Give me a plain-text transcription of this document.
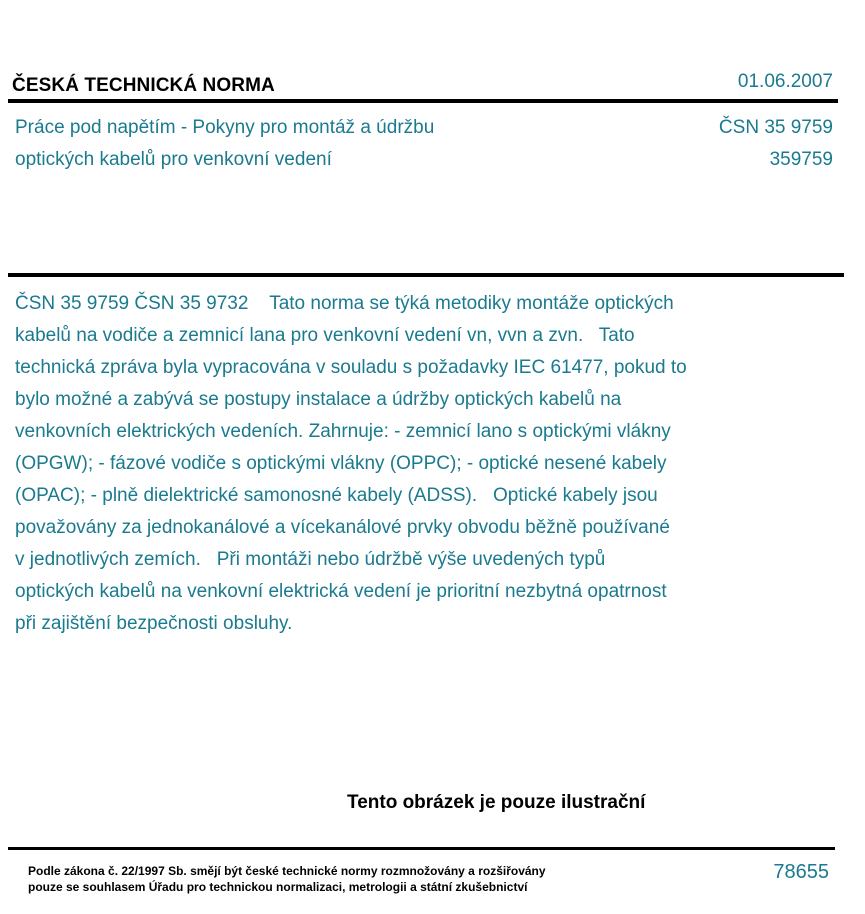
ČESKÁ TECHNICKÁ NORMA	01.06.2007
Práce pod napětím - Pokyny pro montáž a údržbu
optických kabelů pro venkovní vedení
ČSN 35 9759
359759
ČSN 35 9759 ČSN 35 9732    Tato norma se týká metodiky montáže optických
kabelů na vodiče a zemnicí lana pro venkovní vedení vn, vvn a zvn.   Tato
technická zpráva byla vypracována v souladu s požadavky IEC 61477, pokud to
bylo možné a zabývá se postupy instalace a údržby optických kabelů na
venkovních elektrických vedeních. Zahrnuje: - zemnicí lano s optickými vlákny
(OPGW); - fázové vodiče s optickými vlákny (OPPC); - optické nesené kabely
(OPAC); - plně dielektrické samonosné kabely (ADSS).   Optické kabely jsou
považovány za jednokanálové a vícekanálové prvky obvodu běžně používané
v jednotlivých zemích.   Při montáži nebo údržbě výše uvedených typů
optických kabelů na venkovní elektrická vedení je prioritní nezbytná opatrnost
při zajištění bezpečnosti obsluhy.
Tento obrázek je pouze ilustrační
Podle zákona č. 22/1997 Sb. smějí být české technické normy rozmnožovány a rozšiřovány
pouze se souhlasem Úřadu pro technickou normalizaci, metrologii a státní zkušebnictví
78655
